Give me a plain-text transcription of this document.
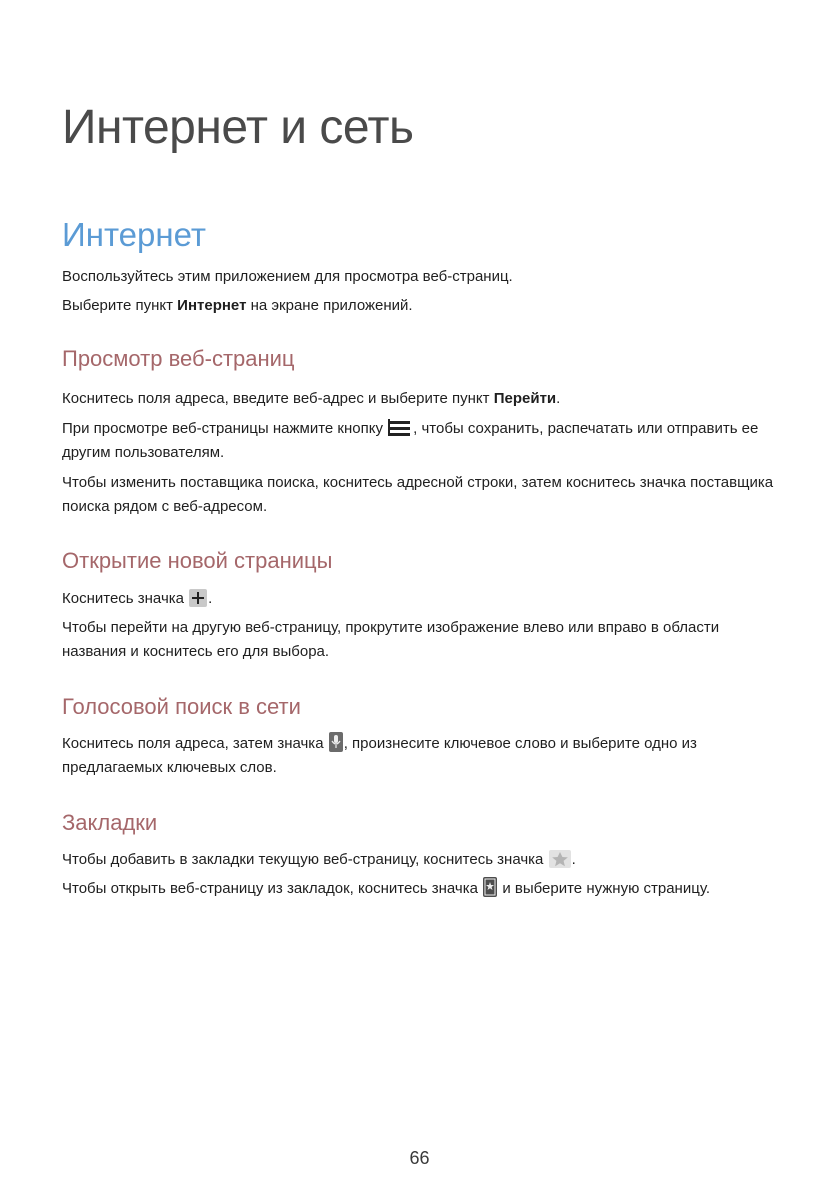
Интернет и сеть
Интернет

Воспользуйтесь этим приложением для просмотра веб-страниц.

Выберите пункт Интернет на экране приложений.

Просмотр веб-страниц

Коснитесь поля адреса, введите веб-адрес и выберите пункт Перейти.

При просмотре веб-страницы нажмите кнопку
, чтобы сохранить, распечатать или отправить ее другим пользователям.

Чтобы изменить поставщика поиска, коснитесь адресной строки, затем коснитесь значка поставщика поиска рядом с веб-адресом.

Открытие новой страницы

Коснитесь значка
.

Чтобы перейти на другую веб-страницу, прокрутите изображение влево или вправо в области названия и коснитесь его для выбора.

Голосовой поиск в сети

Коснитесь поля адреса, затем значка
, произнесите ключевое слово и выберите одно из предлагаемых ключевых слов.

Закладки

Чтобы добавить в закладки текущую веб-страницу, коснитесь значка
.

Чтобы открыть веб-страницу из закладок, коснитесь значка
и выберите нужную страницу.

66
